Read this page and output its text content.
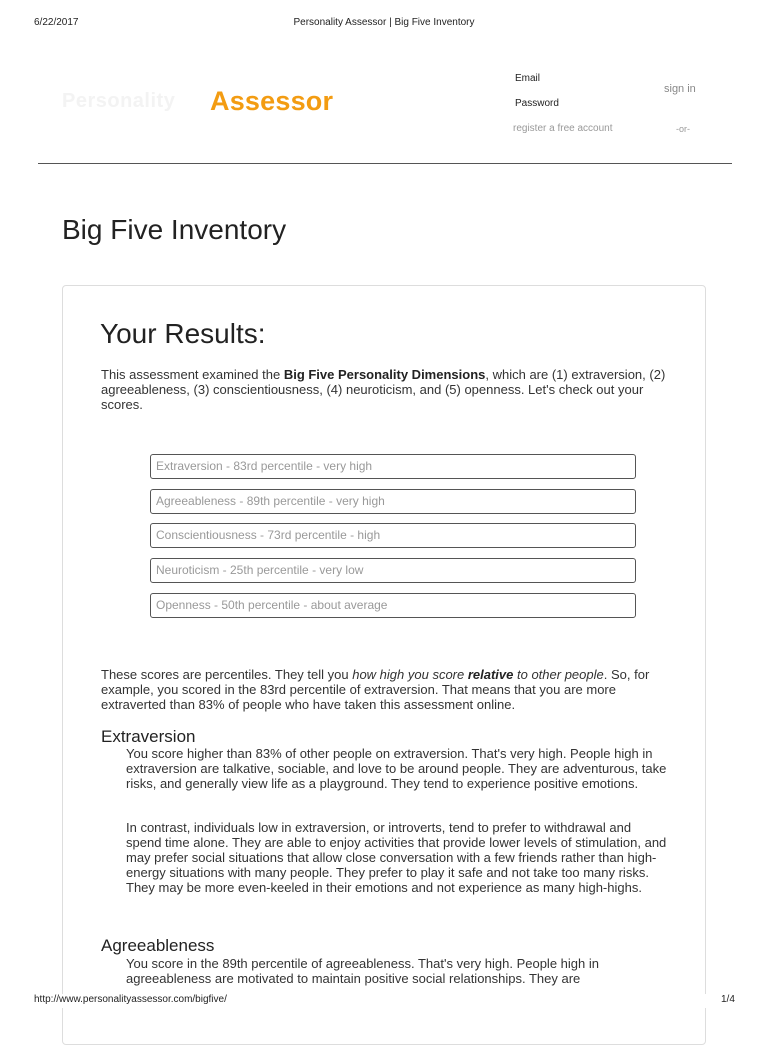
6/22/2017	Personality Assessor | Big Five Inventory
Personality Assessor
Email
Password
sign in
register a free account	-or-
Big Five Inventory
Your Results:

This assessment examined the Big Five Personality Dimensions, which are (1) extraversion, (2) agreeableness, (3) conscientiousness, (4) neuroticism, and (5) openness. Let's check out your scores.

Extraversion - 83rd percentile - very high
Agreeableness - 89th percentile - very high
Conscientiousness - 73rd percentile - high
Neuroticism - 25th percentile - very low
Openness - 50th percentile - about average

These scores are percentiles. They tell you how high you score relative to other people. So, for example, you scored in the 83rd percentile of extraversion. That means that you are more extraverted than 83% of people who have taken this assessment online.

Extraversion

You score higher than 83% of other people on extraversion. That's very high. People high in extraversion are talkative, sociable, and love to be around people. They are adventurous, take risks, and generally view life as a playground. They tend to experience positive emotions.

In contrast, individuals low in extraversion, or introverts, tend to prefer to withdrawal and spend time alone. They are able to enjoy activities that provide lower levels of stimulation, and may prefer social situations that allow close conversation with a few friends rather than high-energy situations with many people. They prefer to play it safe and not take too many risks. They may be more even-keeled in their emotions and not experience as many high-highs.

Agreeableness

You score in the 89th percentile of agreeableness. That's very high. People high in agreeableness are motivated to maintain positive social relationships. They are

http://www.personalityassessor.com/bigfive/	1/4
